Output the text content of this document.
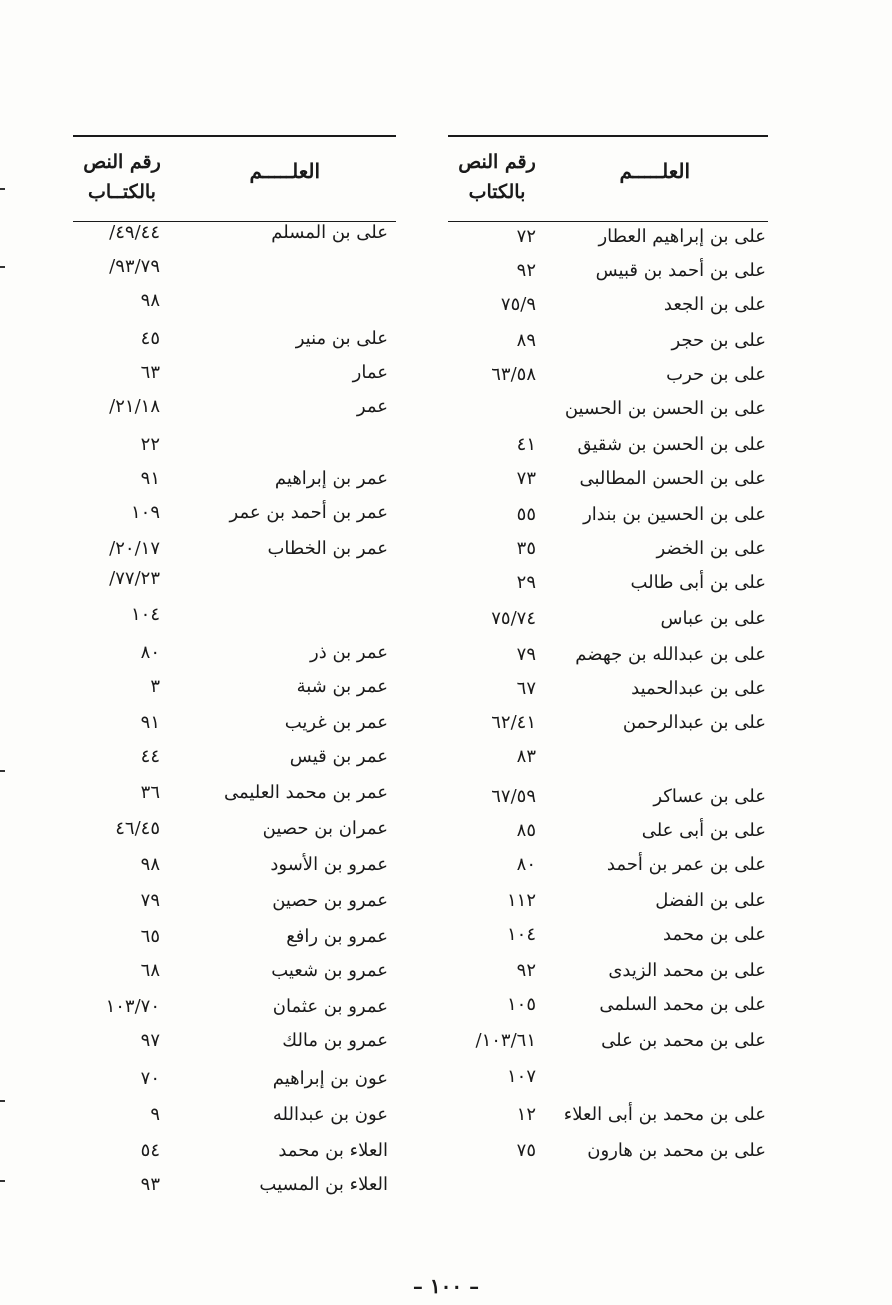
العلـــــم
رقم النص
بالكتاب
على بن إبراهيم العطار
٧٢
على بن أحمد بن قبيس
٩٢
على بن الجعد
٧٥/٩
على بن حجر
٨٩
على بن حرب
٦٣/٥٨
على بن الحسن بن الحسين
على بن الحسن بن شقيق
٤١
على بن الحسن المطالبى
٧٣
على بن الحسين بن بندار
٥٥
على بن الخضر
٣٥
على بن أبى طالب
٢٩
على بن عباس
٧٥/٧٤
على بن عبدالله بن جهضم
٧٩
على بن عبدالحميد
٦٧
على بن عبدالرحمن
٦٢/٤١
٨٣
على بن عساكر
٦٧/٥٩
على بن أبى على
٨٥
على بن عمر بن أحمد
٨٠
على بن الفضل
١١٢
على بن محمد
١٠٤
على بن محمد الزيدى
٩٢
على بن محمد السلمى
١٠٥
على بن محمد بن على
١٠٣/٦١/
١٠٧
على بن محمد بن أبى العلاء
١٢
على بن محمد بن هارون
٧٥
العلـــــم
رقم النص
بالكتــاب
على بن المسلم
٤٩/٤٤/
٩٣/٧٩/
٩٨
على بن منير
٤٥
عمار
٦٣
عمر
٢١/١٨/
٢٢
عمر بن إبراهيم
٩١
عمر بن أحمد بن عمر
١٠٩
عمر بن الخطاب
٢٠/١٧/
٧٧/٢٣/
١٠٤
عمر بن ذر
٨٠
عمر بن شبة
٣
عمر بن غريب
٩١
عمر بن قيس
٤٤
عمر بن محمد العليمى
٣٦
عمران بن حصين
٤٦/٤٥
عمرو بن الأسود
٩٨
عمرو بن حصين
٧٩
عمرو بن رافع
٦٥
عمرو بن شعيب
٦٨
عمرو بن عثمان
١٠٣/٧٠
عمرو بن مالك
٩٧
عون بن إبراهيم
٧٠
عون بن عبدالله
٩
العلاء بن محمد
٥٤
العلاء بن المسيب
٩٣
– ١٠٠ –
